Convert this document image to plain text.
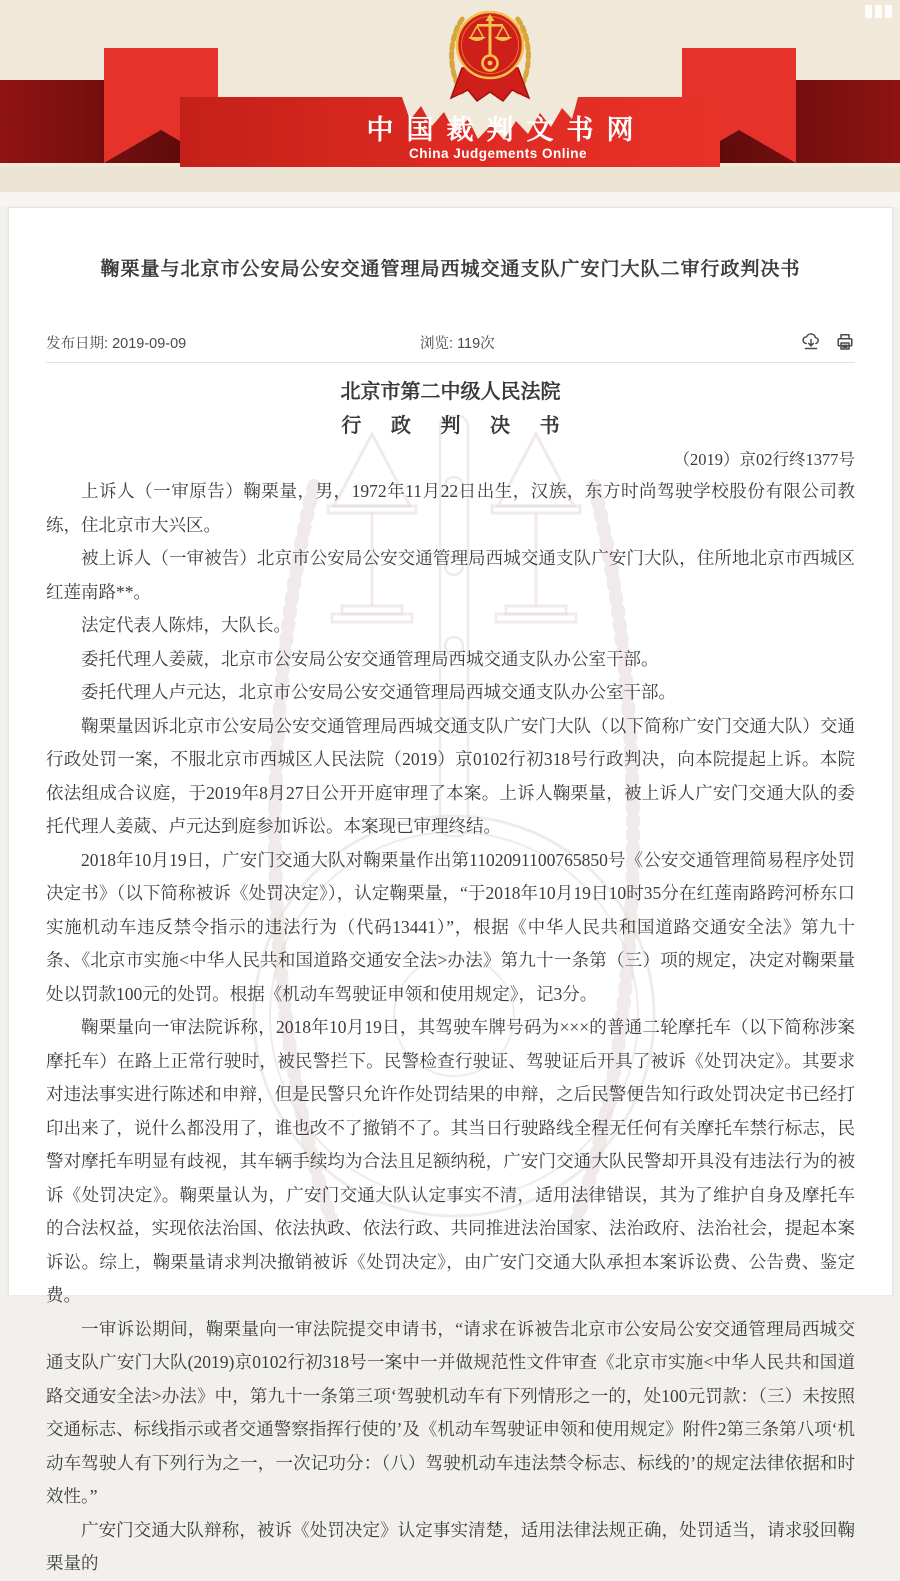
中国裁判文书网
China Judgements Online
鞠栗量与北京市公安局公安交通管理局西城交通支队广安门大队二审行政判决书
发布日期: 2019-09-09	浏览: 119次
北京市第二中级人民法院
行 政 判 决 书
（2019）京02行终1377号

上诉人（一审原告）鞠栗量，男，1972年11月22日出生，汉族，东方时尚驾驶学校股份有限公司教练，住北京市大兴区。

被上诉人（一审被告）北京市公安局公安交通管理局西城交通支队广安门大队，住所地北京市西城区红莲南路**。

法定代表人陈炜，大队长。

委托代理人姜葳，北京市公安局公安交通管理局西城交通支队办公室干部。

委托代理人卢元达，北京市公安局公安交通管理局西城交通支队办公室干部。

鞠栗量因诉北京市公安局公安交通管理局西城交通支队广安门大队（以下简称广安门交通大队）交通行政处罚一案，不服北京市西城区人民法院（2019）京0102行初318号行政判决，向本院提起上诉。本院依法组成合议庭，于2019年8月27日公开开庭审理了本案。上诉人鞠栗量，被上诉人广安门交通大队的委托代理人姜葳、卢元达到庭参加诉讼。本案现已审理终结。

2018年10月19日，广安门交通大队对鞠栗量作出第1102091100765850号《公安交通管理简易程序处罚决定书》（以下简称被诉《处罚决定》），认定鞠栗量，“于2018年10月19日10时35分在红莲南路跨河桥东口实施机动车违反禁令指示的违法行为（代码13441）”，根据《中华人民共和国道路交通安全法》第九十条、《北京市实施<中华人民共和国道路交通安全法>办法》第九十一条第（三）项的规定，决定对鞠栗量处以罚款100元的处罚。根据《机动车驾驶证申领和使用规定》，记3分。

鞠栗量向一审法院诉称，2018年10月19日，其驾驶车牌号码为×××的普通二轮摩托车（以下简称涉案摩托车）在路上正常行驶时，被民警拦下。民警检查行驶证、驾驶证后开具了被诉《处罚决定》。其要求对违法事实进行陈述和申辩，但是民警只允许作处罚结果的申辩，之后民警便告知行政处罚决定书已经打印出来了，说什么都没用了，谁也改不了撤销不了。其当日行驶路线全程无任何有关摩托车禁行标志，民警对摩托车明显有歧视，其车辆手续均为合法且足额纳税，广安门交通大队民警却开具没有违法行为的被诉《处罚决定》。鞠栗量认为，广安门交通大队认定事实不清，适用法律错误，其为了维护自身及摩托车的合法权益，实现依法治国、依法执政、依法行政、共同推进法治国家、法治政府、法治社会，提起本案诉讼。综上，鞠栗量请求判决撤销被诉《处罚决定》，由广安门交通大队承担本案诉讼费、公告费、鉴定费。

一审诉讼期间，鞠栗量向一审法院提交申请书，“请求在诉被告北京市公安局公安交通管理局西城交通支队广安门大队(2019)京0102行初318号一案中一并做规范性文件审查《北京市实施<中华人民共和国道路交通安全法>办法》中，第九十一条第三项‘驾驶机动车有下列情形之一的，处100元罚款：（三）未按照交通标志、标线指示或者交通警察指挥行使的’及《机动车驾驶证申领和使用规定》附件2第三条第八项‘机动车驾驶人有下列行为之一，一次记功分：（八）驾驶机动车违法禁令标志、标线的’的规定法律依据和时效性。”

广安门交通大队辩称，被诉《处罚决定》认定事实清楚，适用法律法规正确，处罚适当，请求驳回鞠栗量的
